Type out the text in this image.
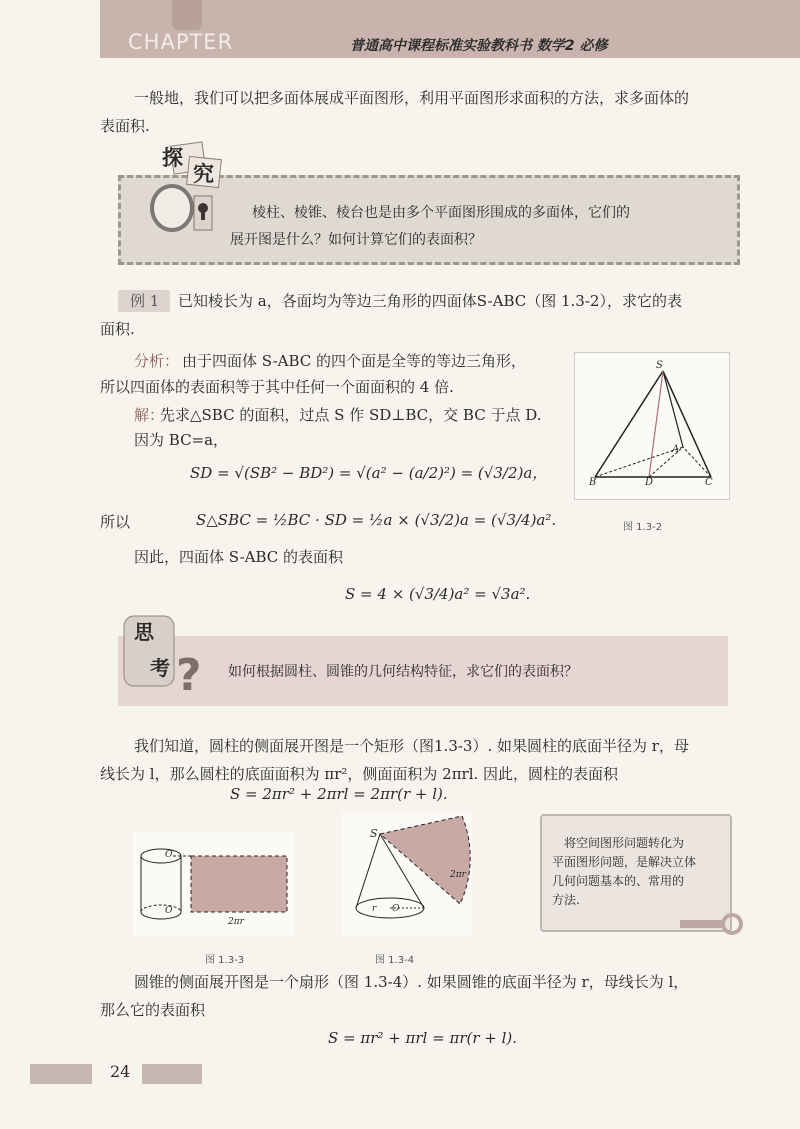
CHAPTER	普通高中课程标准实验教科书 数学2 必修
一般地，我们可以把多面体展成平面图形，利用平面图形求面积的方法，求多面体的
表面积.
探
究
棱柱、棱锥、棱台也是由多个平面图形围成的多面体，它们的
展开图是什么？如何计算它们的表面积？
例 1 已知棱长为 a，各面均为等边三角形的四面体S-ABC（图 1.3-2），求它的表
面积.
分析： 由于四面体 S-ABC 的四个面是全等的等边三角形，
所以四面体的表面积等于其中任何一个面面积的 4 倍.
解：
先求△SBC 的面积，过点 S 作 SD⊥BC，交 BC 于点 D.
因为 BC=a，
SD = √(SB² − BD²) = √(a² − (a/2)²) = (√3/2)a，
所以	S△SBC = ½BC · SD = ½a × (√3/2)a = (√3/4)a².
因此，四面体 S-ABC 的表面积
S = 4 × (√3/4)a² = √3a².
S
A
B	D	C
图 1.3-2
?
思
考	如何根据圆柱、圆锥的几何结构特征，求它们的表面积？
我们知道，圆柱的侧面展开图是一个矩形（图1.3-3）. 如果圆柱的底面半径为 r，母
线长为 l，那么圆柱的底面面积为 πr²，侧面面积为 2πrl. 因此，圆柱的表面积
S = 2πr² + 2πrl = 2πr(r + l).
O′
O
2πr
图 1.3-3
S
r O
2πr
图 1.3-4
将空间图形问题转化为
平面图形问题，是解决立体
几何问题基本的、常用的
方法.
圆锥的侧面展开图是一个扇形（图 1.3-4）. 如果圆锥的底面半径为 r，母线长为 l，
那么它的表面积
S = πr² + πrl = πr(r + l).
24
